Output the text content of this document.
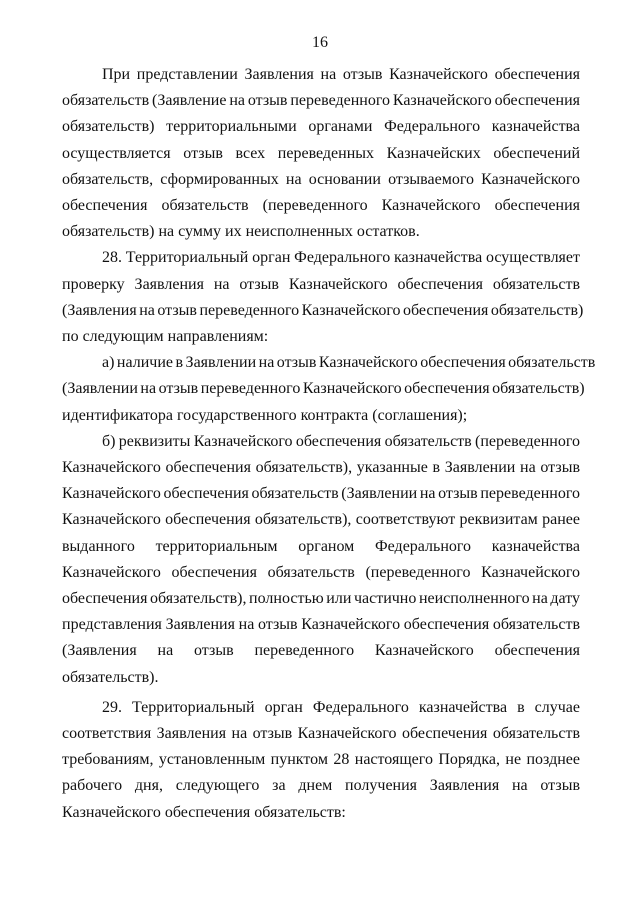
16
При представлении Заявления на отзыв Казначейского обеспечения
обязательств (Заявление на отзыв переведенного Казначейского обеспечения
обязательств) территориальными органами Федерального казначейства
осуществляется отзыв всех переведенных Казначейских обеспечений
обязательств, сформированных на основании отзываемого Казначейского
обеспечения обязательств (переведенного Казначейского обеспечения
обязательств) на сумму их неисполненных остатков.
28. Территориальный орган Федерального казначейства осуществляет
проверку Заявления на отзыв Казначейского обеспечения обязательств
(Заявления на отзыв переведенного Казначейского обеспечения обязательств)
по следующим направлениям:
а) наличие в Заявлении на отзыв Казначейского обеспечения обязательств
(Заявлении на отзыв переведенного Казначейского обеспечения обязательств)
идентификатора государственного контракта (соглашения);
б) реквизиты Казначейского обеспечения обязательств (переведенного
Казначейского обеспечения обязательств), указанные в Заявлении на отзыв
Казначейского обеспечения обязательств (Заявлении на отзыв переведенного
Казначейского обеспечения обязательств), соответствуют реквизитам ранее
выданного территориальным органом Федерального казначейства
Казначейского обеспечения обязательств (переведенного Казначейского
обеспечения обязательств), полностью или частично неисполненного на дату
представления Заявления на отзыв Казначейского обеспечения обязательств
(Заявления на отзыв переведенного Казначейского обеспечения
обязательств).
29. Территориальный орган Федерального казначейства в случае
соответствия Заявления на отзыв Казначейского обеспечения обязательств
требованиям, установленным пунктом 28 настоящего Порядка, не позднее
рабочего дня, следующего за днем получения Заявления на отзыв
Казначейского обеспечения обязательств:
